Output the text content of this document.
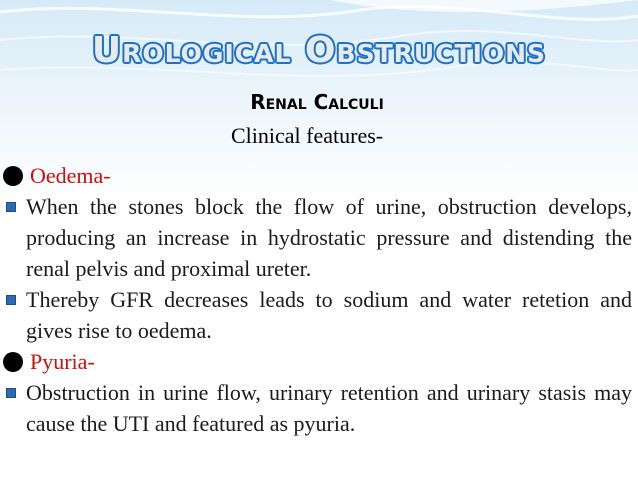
Urological Obstructions
Renal Calculi
Clinical features-
Oedema-
When the stones block the flow of urine, obstruction develops, producing an increase in hydrostatic pressure and distending the renal pelvis and proximal ureter.
Thereby GFR decreases leads to sodium and water retetion and gives rise to oedema.
Pyuria-
Obstruction in urine flow, urinary retention and urinary stasis may cause the UTI and featured as pyuria.
